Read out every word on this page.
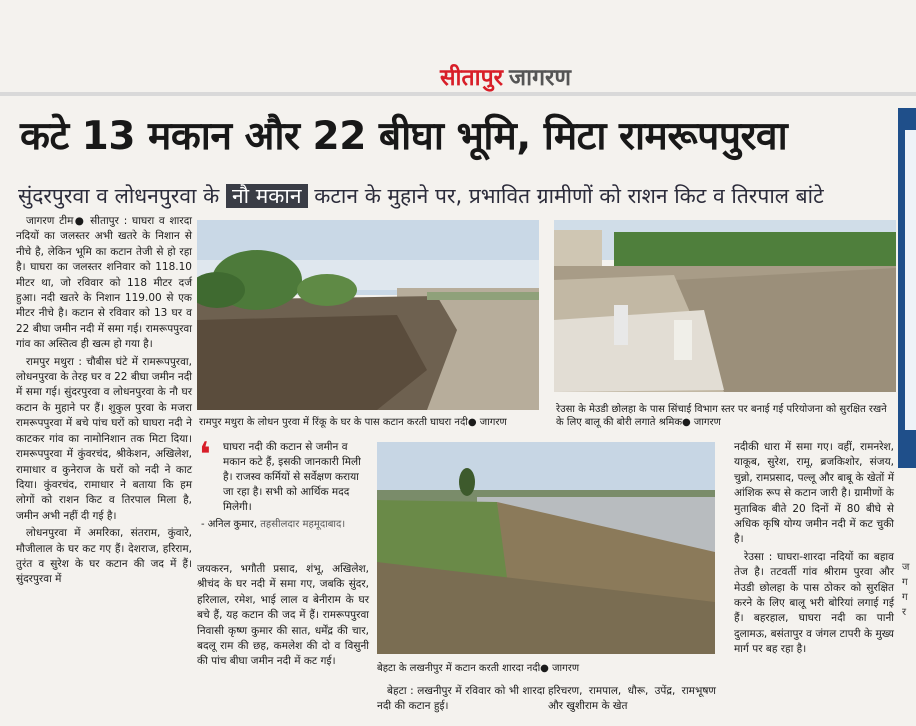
सीतापुर जागरण
कटे 13 मकान और 22 बीघा भूमि, मिटा रामरूपपुरवा
सुंदरपुरवा व लोधनपुरवा के नौ मकान कटान के मुहाने पर, प्रभावित ग्रामीणों को राशन किट व तिरपाल बांटे

जागरण टीम● सीतापुर : घाघरा व शारदा नदियों का जलस्तर अभी खतरे के निशान से नीचे है, लेकिन भूमि का कटान तेजी से हो रहा है। घाघरा का जलस्तर शनिवार को 118.10 मीटर था, जो रविवार को 118 मीटर दर्ज हुआ। नदी खतरे के निशान 119.00 से एक मीटर नीचे है। कटान से रविवार को 13 घर व 22 बीघा जमीन नदी में समा गई। रामरूपपुरवा गांव का अस्तित्व ही खत्म हो गया है।

रामपुर मथुरा : चौबीस घंटे में रामरूपपुरवा, लोधनपुरवा के तेरह घर व 22 बीघा जमीन नदी में समा गई। सुंदरपुरवा व लोधनपुरवा के नौ घर कटान के मुहाने पर हैं। शुकुल पुरवा के मजरा रामरूपपुरवा में बचे पांच घरों को घाघरा नदी ने काटकर गांव का नामोनिशान तक मिटा दिया। रामरूपपुरवा में कुंवरचंद, श्रीकेशन, अखिलेश, रामाधार व कुनेराज के घरों को नदी ने काट दिया। कुंवरचंद, रामाधार ने बताया कि हम लोगों को राशन किट व तिरपाल मिला है, जमीन अभी नहीं दी गई है।

लोधनपुरवा में अमरिका, संतराम, कुंवारे, मौजीलाल के घर कट गए हैं। देशराज, हरिराम, तुरंत व सुरेश के घर कटान की जद में हैं। सुंदरपुरवा में

रामपुर मथुरा के लोधन पुरवा में रिंकू के घर के पास कटान करती घाघरा नदी● जागरण
रेउसा के मेउडी छोलहा के पास सिंचाई विभाग स्तर पर बनाई गई परियोजना को सुरक्षित रखने के लिए बालू की बोरी लगाते श्रमिक● जागरण
❛	घाघरा नदी की कटान से जमीन व मकान कटे हैं, इसकी जानकारी मिली है। राजस्व कर्मियों से सर्वेक्षण कराया जा रहा है। सभी को आर्थिक मदद मिलेगी।
- अनिल कुमार, तहसीलदार महमूदाबाद।

जयकरन, भगौती प्रसाद, शंभू, अखिलेश, श्रीचंद के घर नदी में समा गए, जबकि सुंदर, हरिलाल, रमेश, भाई लाल व बेनीराम के घर बचे हैं, यह कटान की जद में हैं। रामरूपपुरवा निवासी कृष्ण कुमार की सात, धर्मेंद्र की चार, बदलू राम की छह, कमलेश की दो व विसुनी की पांच बीघा जमीन नदी में कट गई।

बेहटा के लखनीपुर में कटान करती शारदा नदी● जागरण

बेहटा : लखनीपुर में रविवार को भी शारदा नदी की कटान हुई।

हरिचरण, रामपाल, धौरू, उपेंद्र, रामभूषण और खुशीराम के खेत

नदीकी धारा में समा गए। वहीं, रामनरेश, याकूब, सुरेश, रामू, ब्रजकिशोर, संजय, चुन्नो, रामप्रसाद, पल्लू और बाबू के खेतों में आंशिक रूप से कटान जारी है। ग्रामीणों के मुताबिक बीते 20 दिनों में 80 बीघे से अधिक कृषि योग्य जमीन नदी में कट चुकी है।

रेउसा : घाघरा-शारदा नदियों का बहाव तेज है। तटवर्ती गांव श्रीराम पुरवा और मेउडी छोलहा के पास ठोकर को सुरक्षित करने के लिए बालू भरी बोरियां लगाई गई हैं। बहरहाल, घाघरा नदी का पानी दुलामऊ, बसंतापुर व जंगल टापरी के मुख्य मार्ग पर बह रहा है।

ज
ग
ग
र
